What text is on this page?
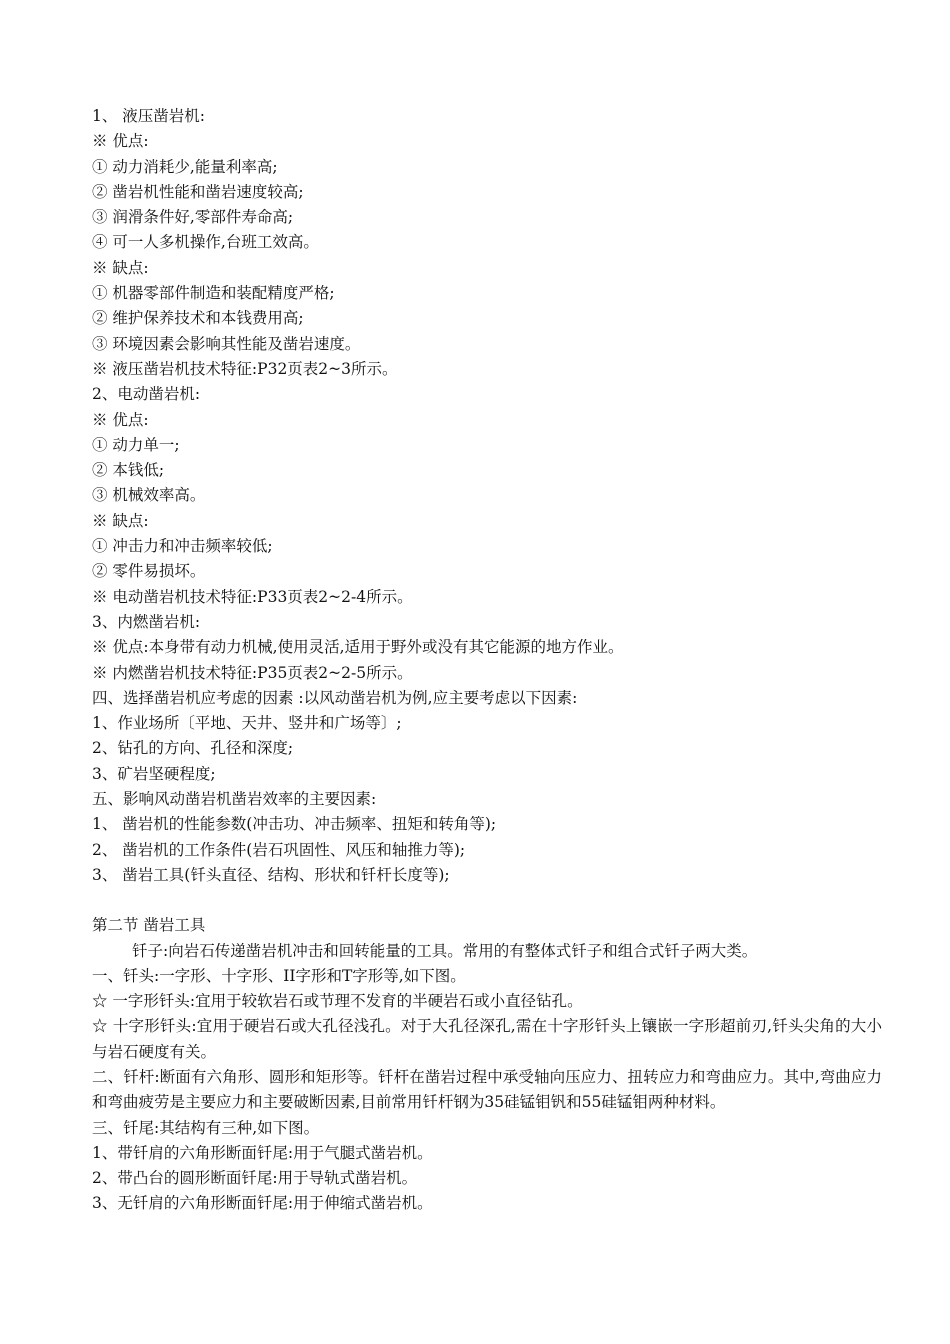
1、 液压凿岩机:
※ 优点:
① 动力消耗少,能量利率高;
② 凿岩机性能和凿岩速度较高;
③ 润滑条件好,零部件寿命高;
④ 可一人多机操作,台班工效高。
※ 缺点:
① 机器零部件制造和装配精度严格;
② 维护保养技术和本钱费用高;
③ 环境因素会影响其性能及凿岩速度。
※ 液压凿岩机技术特征:P32页表2~3所示。
2、电动凿岩机:
※ 优点:
① 动力单一;
② 本钱低;
③ 机械效率高。
※ 缺点:
① 冲击力和冲击频率较低;
② 零件易损坏。
※ 电动凿岩机技术特征:P33页表2~2-4所示。
3、内燃凿岩机:
※ 优点:本身带有动力机械,使用灵活,适用于野外或没有其它能源的地方作业。
※ 内燃凿岩机技术特征:P35页表2~2-5所示。
四、选择凿岩机应考虑的因素 :以风动凿岩机为例,应主要考虑以下因素:
1、作业场所〔平地、天井、竖井和广场等〕;
2、钻孔的方向、孔径和深度;
3、矿岩坚硬程度;
五、影响风动凿岩机凿岩效率的主要因素:
1、 凿岩机的性能参数(冲击功、冲击频率、扭矩和转角等);
2、 凿岩机的工作条件(岩石巩固性、风压和轴推力等);
3、 凿岩工具(钎头直径、结构、形状和钎杆长度等);
第二节 凿岩工具
钎子:向岩石传递凿岩机冲击和回转能量的工具。常用的有整体式钎子和组合式钎子两大类。
一、钎头:一字形、十字形、II字形和T字形等,如下图。
☆ 一字形钎头:宜用于较软岩石或节理不发育的半硬岩石或小直径钻孔。
☆ 十字形钎头:宜用于硬岩石或大孔径浅孔。对于大孔径深孔,需在十字形钎头上镶嵌一字形超前刃,钎头尖角的大小与岩石硬度有关。
二、钎杆:断面有六角形、圆形和矩形等。钎杆在凿岩过程中承受轴向压应力、扭转应力和弯曲应力。其中,弯曲应力和弯曲疲劳是主要应力和主要破断因素,目前常用钎杆钢为35硅锰钼钒和55硅锰钼两种材料。
三、钎尾:其结构有三种,如下图。
1、带钎肩的六角形断面钎尾:用于气腿式凿岩机。
2、带凸台的圆形断面钎尾:用于导轨式凿岩机。
3、无钎肩的六角形断面钎尾:用于伸缩式凿岩机。
